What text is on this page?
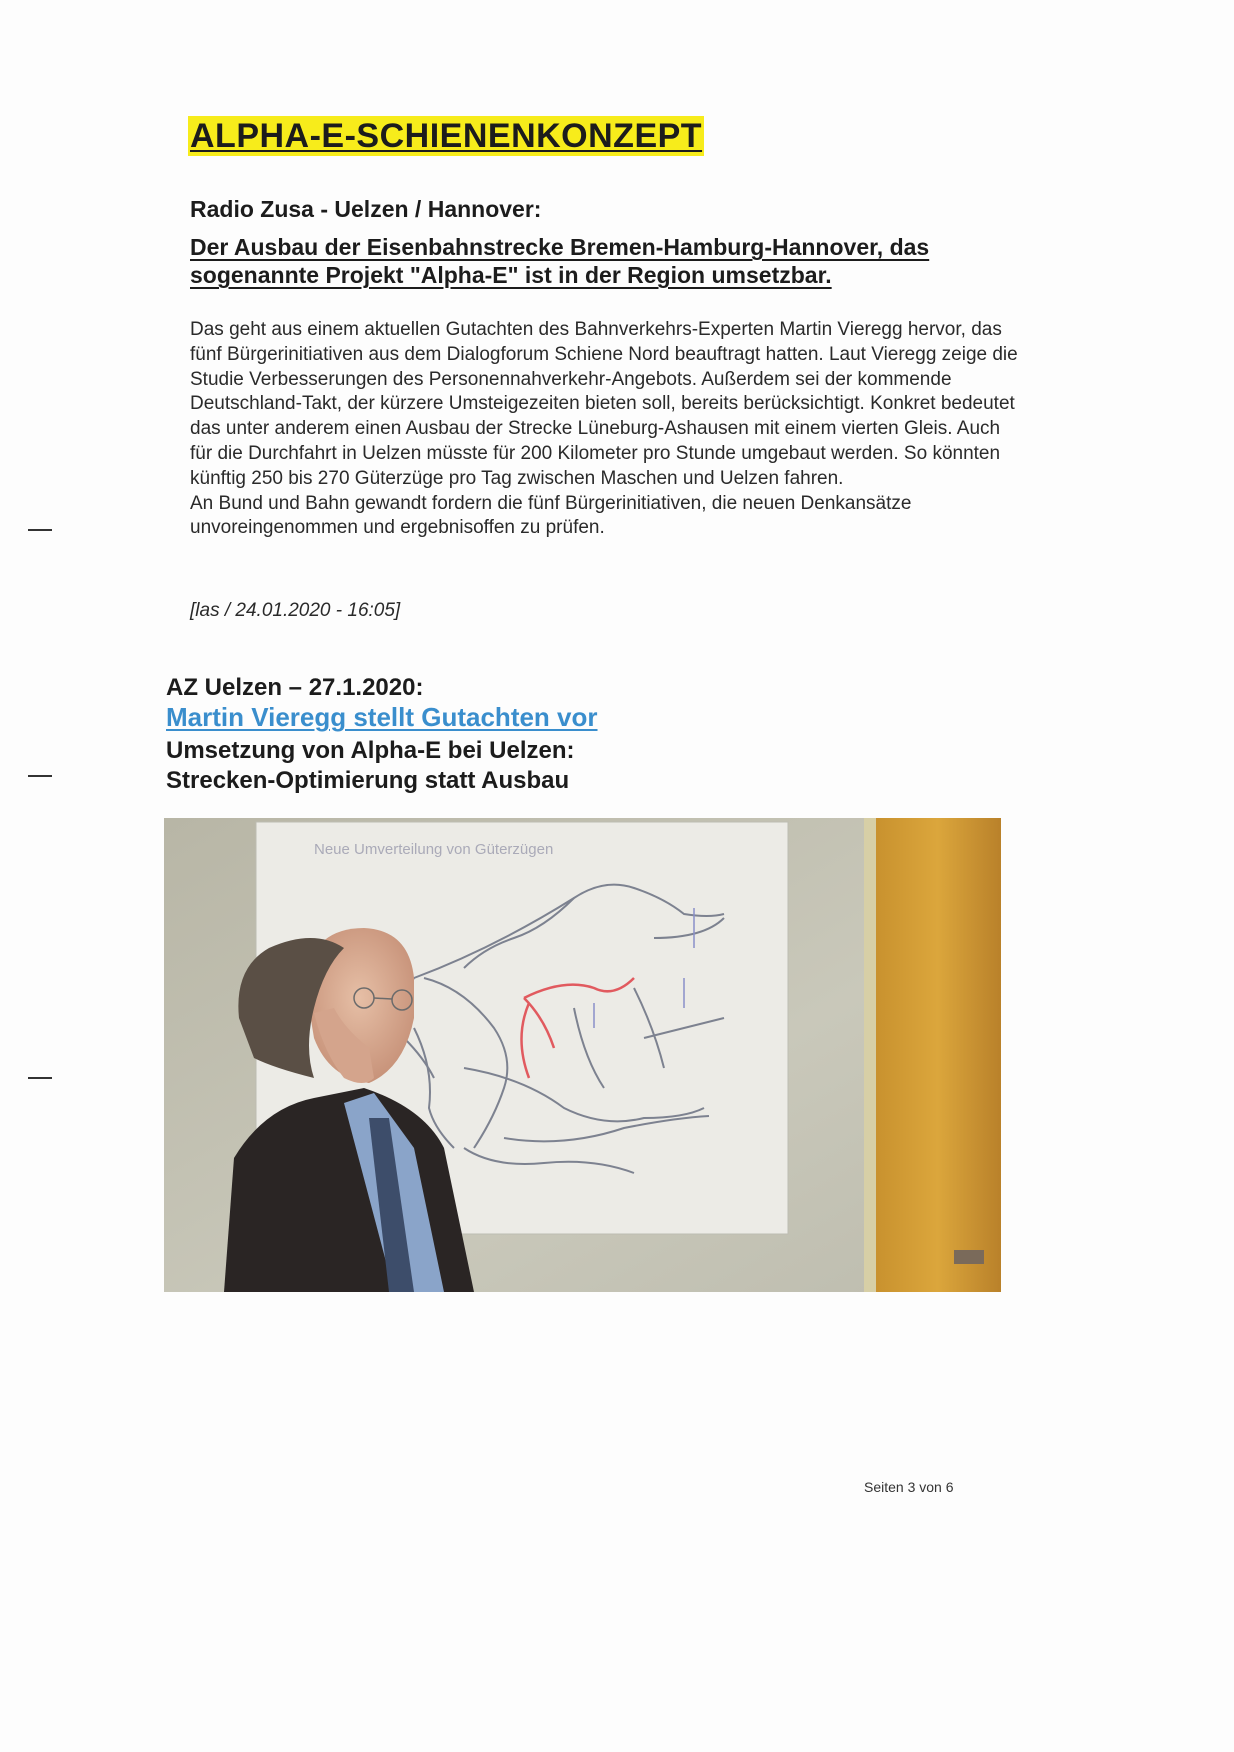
ALPHA-E-SCHIENENKONZEPT
Radio Zusa - Uelzen / Hannover:
Der Ausbau der Eisenbahnstrecke Bremen-Hamburg-Hannover, das sogenannte Projekt "Alpha-E" ist in der Region umsetzbar.

Das geht aus einem aktuellen Gutachten des Bahnverkehrs-Experten Martin Vieregg hervor, das fünf Bürgerinitiativen aus dem Dialogforum Schiene Nord beauftragt hatten. Laut Vieregg zeige die Studie Verbesserungen des Personennahverkehr-Angebots. Außerdem sei der kommende Deutschland-Takt, der kürzere Umsteigezeiten bieten soll, bereits berücksichtigt. Konkret bedeutet das unter anderem einen Ausbau der Strecke Lüneburg-Ashausen mit einem vierten Gleis. Auch für die Durchfahrt in Uelzen müsste für 200 Kilometer pro Stunde umgebaut werden. So könnten künftig 250 bis 270 Güterzüge pro Tag zwischen Maschen und Uelzen fahren.

An Bund und Bahn gewandt fordern die fünf Bürgerinitiativen, die neuen Denkansätze unvoreingenommen und ergebnisoffen zu prüfen.

[las / 24.01.2020 - 16:05]
AZ Uelzen – 27.1.2020:
Martin Vieregg stellt Gutachten vor
Umsetzung von Alpha-E bei Uelzen:
Strecken-Optimierung statt Ausbau
Neue Umverteilung von Güterzügen
Seiten 3 von 6
